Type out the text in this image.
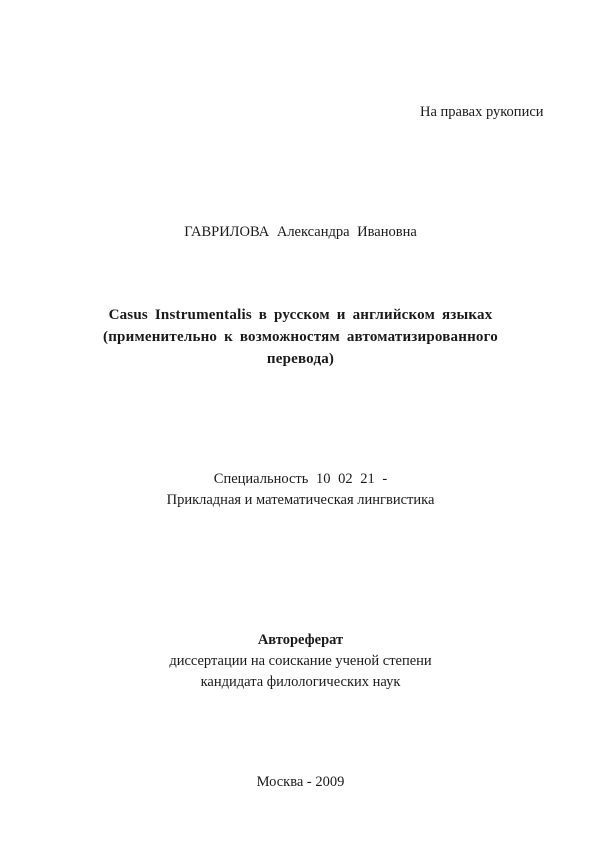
На правах рукописи
ГАВРИЛОВА Александра Ивановна
Casus Instrumentalis в русском и английском языках
(применительно к возможностям автоматизированного
перевода)
Специальность 10 02 21 -
Прикладная и математическая лингвистика
Автореферат
диссертации на соискание ученой степени
кандидата филологических наук
Москва - 2009
